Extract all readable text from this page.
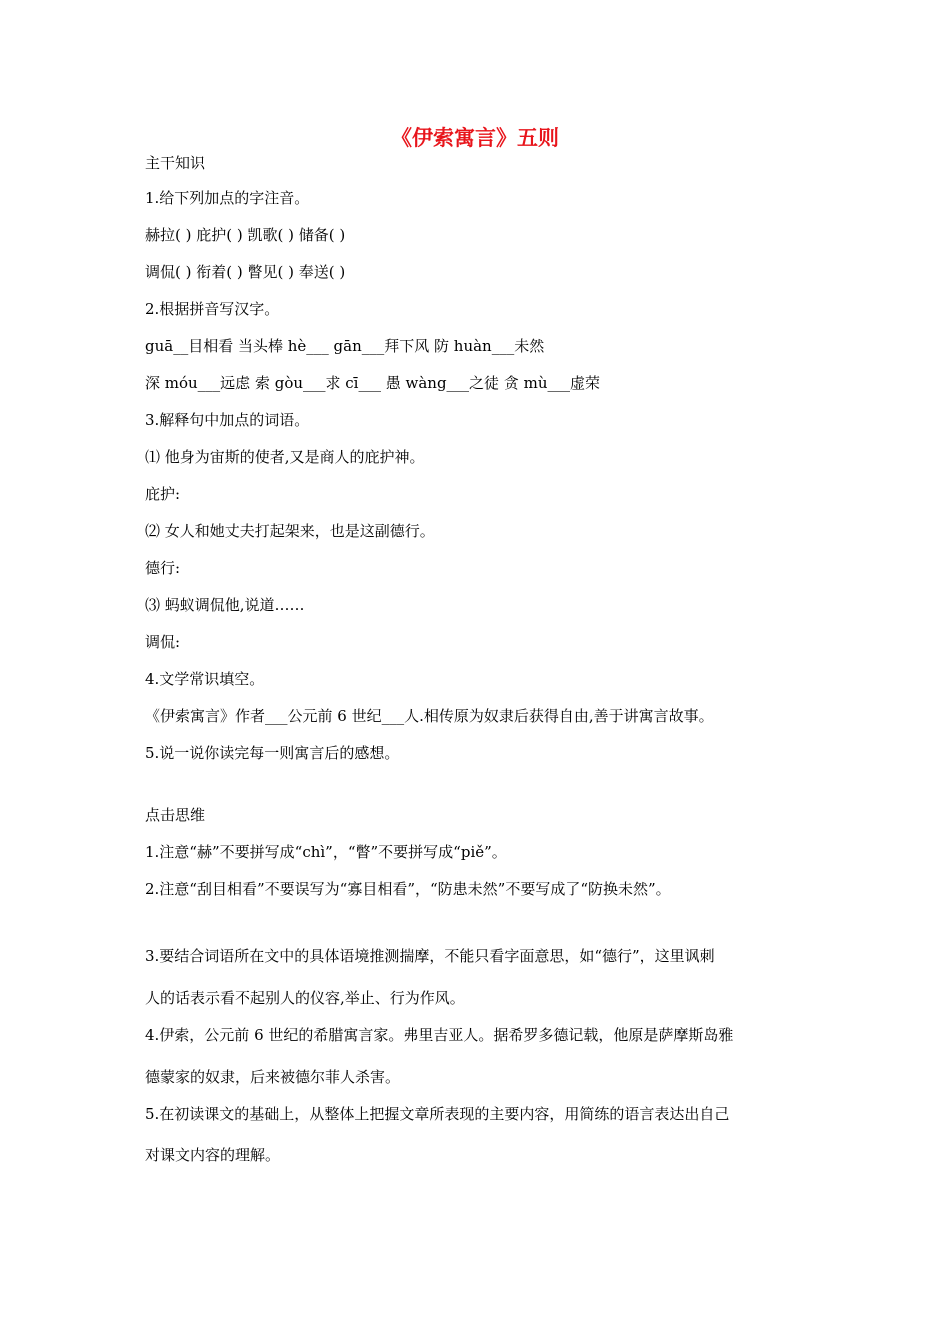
《伊索寓言》五则
主干知识
1.给下列加点的字注音。
赫拉( ) 庇护( ) 凯歌( ) 储备( )
调侃( ) 衔着( ) 瞥见( ) 奉送( )
2.根据拼音写汉字。
guā__目相看 当头棒 hè___ gān___拜下风 防 huàn___未然
深 móu___远虑 索 gòu___求 cī___ 愚 wàng___之徒 贪 mù___虚荣
3.解释句中加点的词语。
⑴ 他身为宙斯的使者,又是商人的庇护神。
庇护:
⑵ 女人和她丈夫打起架来，也是这副德行。
德行:
⑶ 蚂蚁调侃他,说道……
调侃:
4.文学常识填空。
《伊索寓言》作者___公元前 6 世纪___人.相传原为奴隶后获得自由,善于讲寓言故事。
5.说一说你读完每一则寓言后的感想。
点击思维
1.注意“赫”不要拼写成“chì”，“瞥”不要拼写成“piě”。
2.注意“刮目相看”不要误写为“寡目相看”，“防患未然”不要写成了“防换未然”。
3.要结合词语所在文中的具体语境推测揣摩，不能只看字面意思，如“德行”，这里讽刺
人的话表示看不起别人的仪容,举止、行为作风。
4.伊索，公元前 6 世纪的希腊寓言家。弗里吉亚人。据希罗多德记载，他原是萨摩斯岛雅
德蒙家的奴隶，后来被德尔菲人杀害。
5.在初读课文的基础上，从整体上把握文章所表现的主要内容，用简练的语言表达出自己
对课文内容的理解。
